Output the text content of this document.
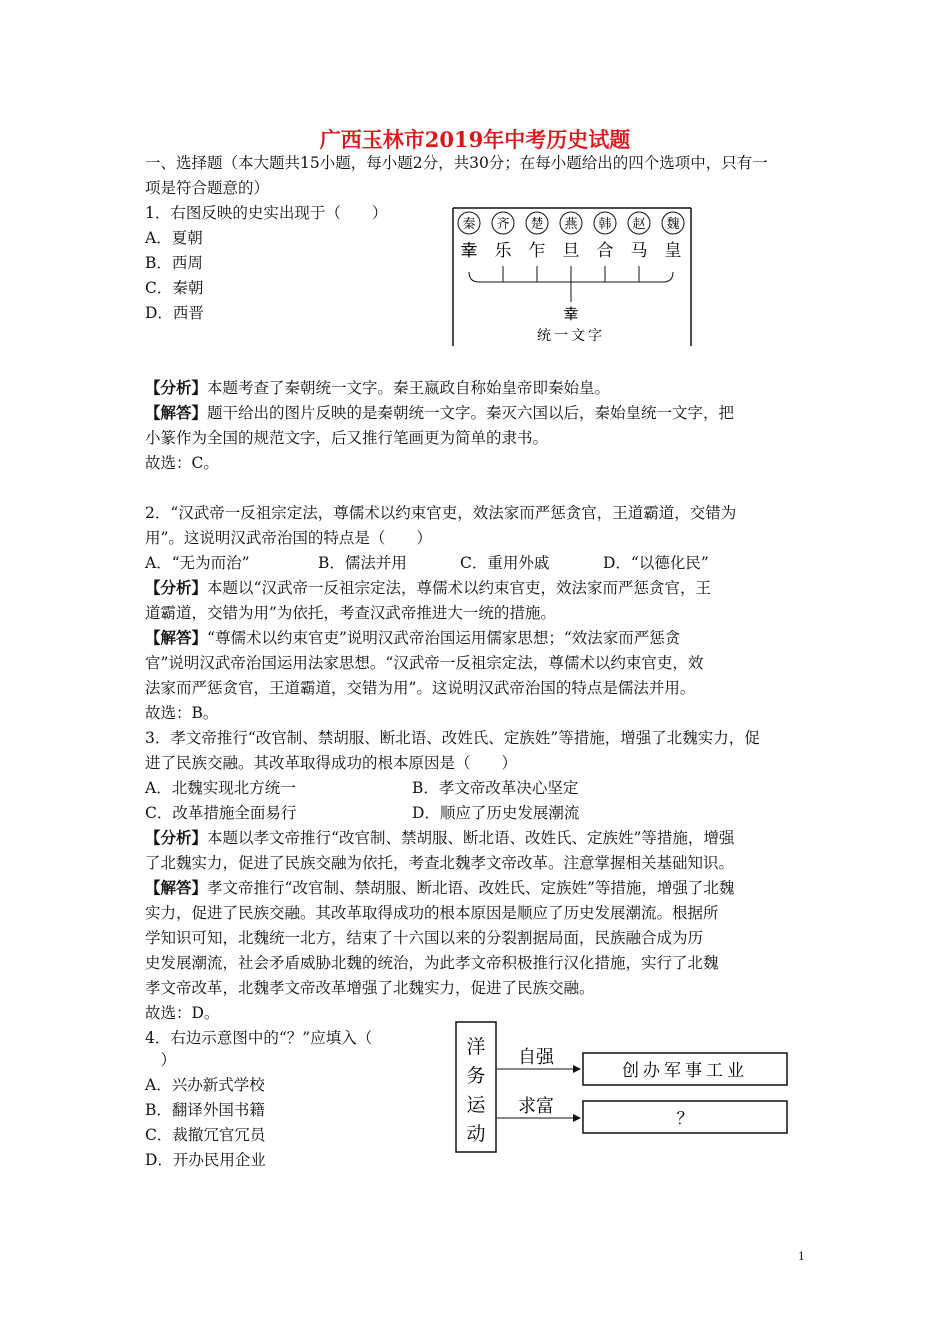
广西玉林市2019年中考历史试题
一、选择题（本大题共15小题，每小题2分，共30分；在每小题给出的四个选项中，只有一
项是符合题意的）
1．右图反映的史实出现于（　　）
A．夏朝
B．西周
C．秦朝
D．西晋
秦 齐 楚 燕 韩 赵 魏
𦍒 乐 乍 旦 合 马 皇
𦍒
统一文字
【分析】本题考查了秦朝统一文字。秦王嬴政自称始皇帝即秦始皇。
【解答】题干给出的图片反映的是秦朝统一文字。秦灭六国以后，秦始皇统一文字，把
小篆作为全国的规范文字，后又推行笔画更为简单的隶书。
故选：C。
2．“汉武帝一反祖宗定法，尊儒术以约束官吏，效法家而严惩贪官，王道霸道，交错为
用”。这说明汉武帝治国的特点是（　　）
A．“无为而治”	B．儒法并用	C．重用外戚	D．“以德化民”
【分析】本题以“汉武帝一反祖宗定法，尊儒术以约束官吏，效法家而严惩贪官，王
道霸道，交错为用”为依托，考查汉武帝推进大一统的措施。
【解答】“尊儒术以约束官吏”说明汉武帝治国运用儒家思想；“效法家而严惩贪
官”说明汉武帝治国运用法家思想。“汉武帝一反祖宗定法，尊儒术以约束官吏，效
法家而严惩贪官，王道霸道，交错为用”。这说明汉武帝治国的特点是儒法并用。
故选：B。
3．孝文帝推行“改官制、禁胡服、断北语、改姓氏、定族姓”等措施，增强了北魏实力，促
进了民族交融。其改革取得成功的根本原因是（　　）
A．北魏实现北方统一	B．孝文帝改革决心坚定
C．改革措施全面易行	D．顺应了历史发展潮流
【分析】本题以孝文帝推行“改官制、禁胡服、断北语、改姓氏、定族姓”等措施，增强
了北魏实力，促进了民族交融为依托，考查北魏孝文帝改革。注意掌握相关基础知识。
【解答】孝文帝推行“改官制、禁胡服、断北语、改姓氏、定族姓”等措施，增强了北魏
实力，促进了民族交融。其改革取得成功的根本原因是顺应了历史发展潮流。根据所
学知识可知，北魏统一北方，结束了十六国以来的分裂割据局面，民族融合成为历
史发展潮流，社会矛盾威胁北魏的统治，为此孝文帝积极推行汉化措施，实行了北魏
孝文帝改革，北魏孝文帝改革增强了北魏实力，促进了民族交融。
故选：D。
4．右边示意图中的“？”应填入（
　）
A．兴办新式学校
B．翻译外国书籍
C．裁撤冗官冗员
D．开办民用企业
洋
务
运
动
自强
求富
创办军事工业
？
1
